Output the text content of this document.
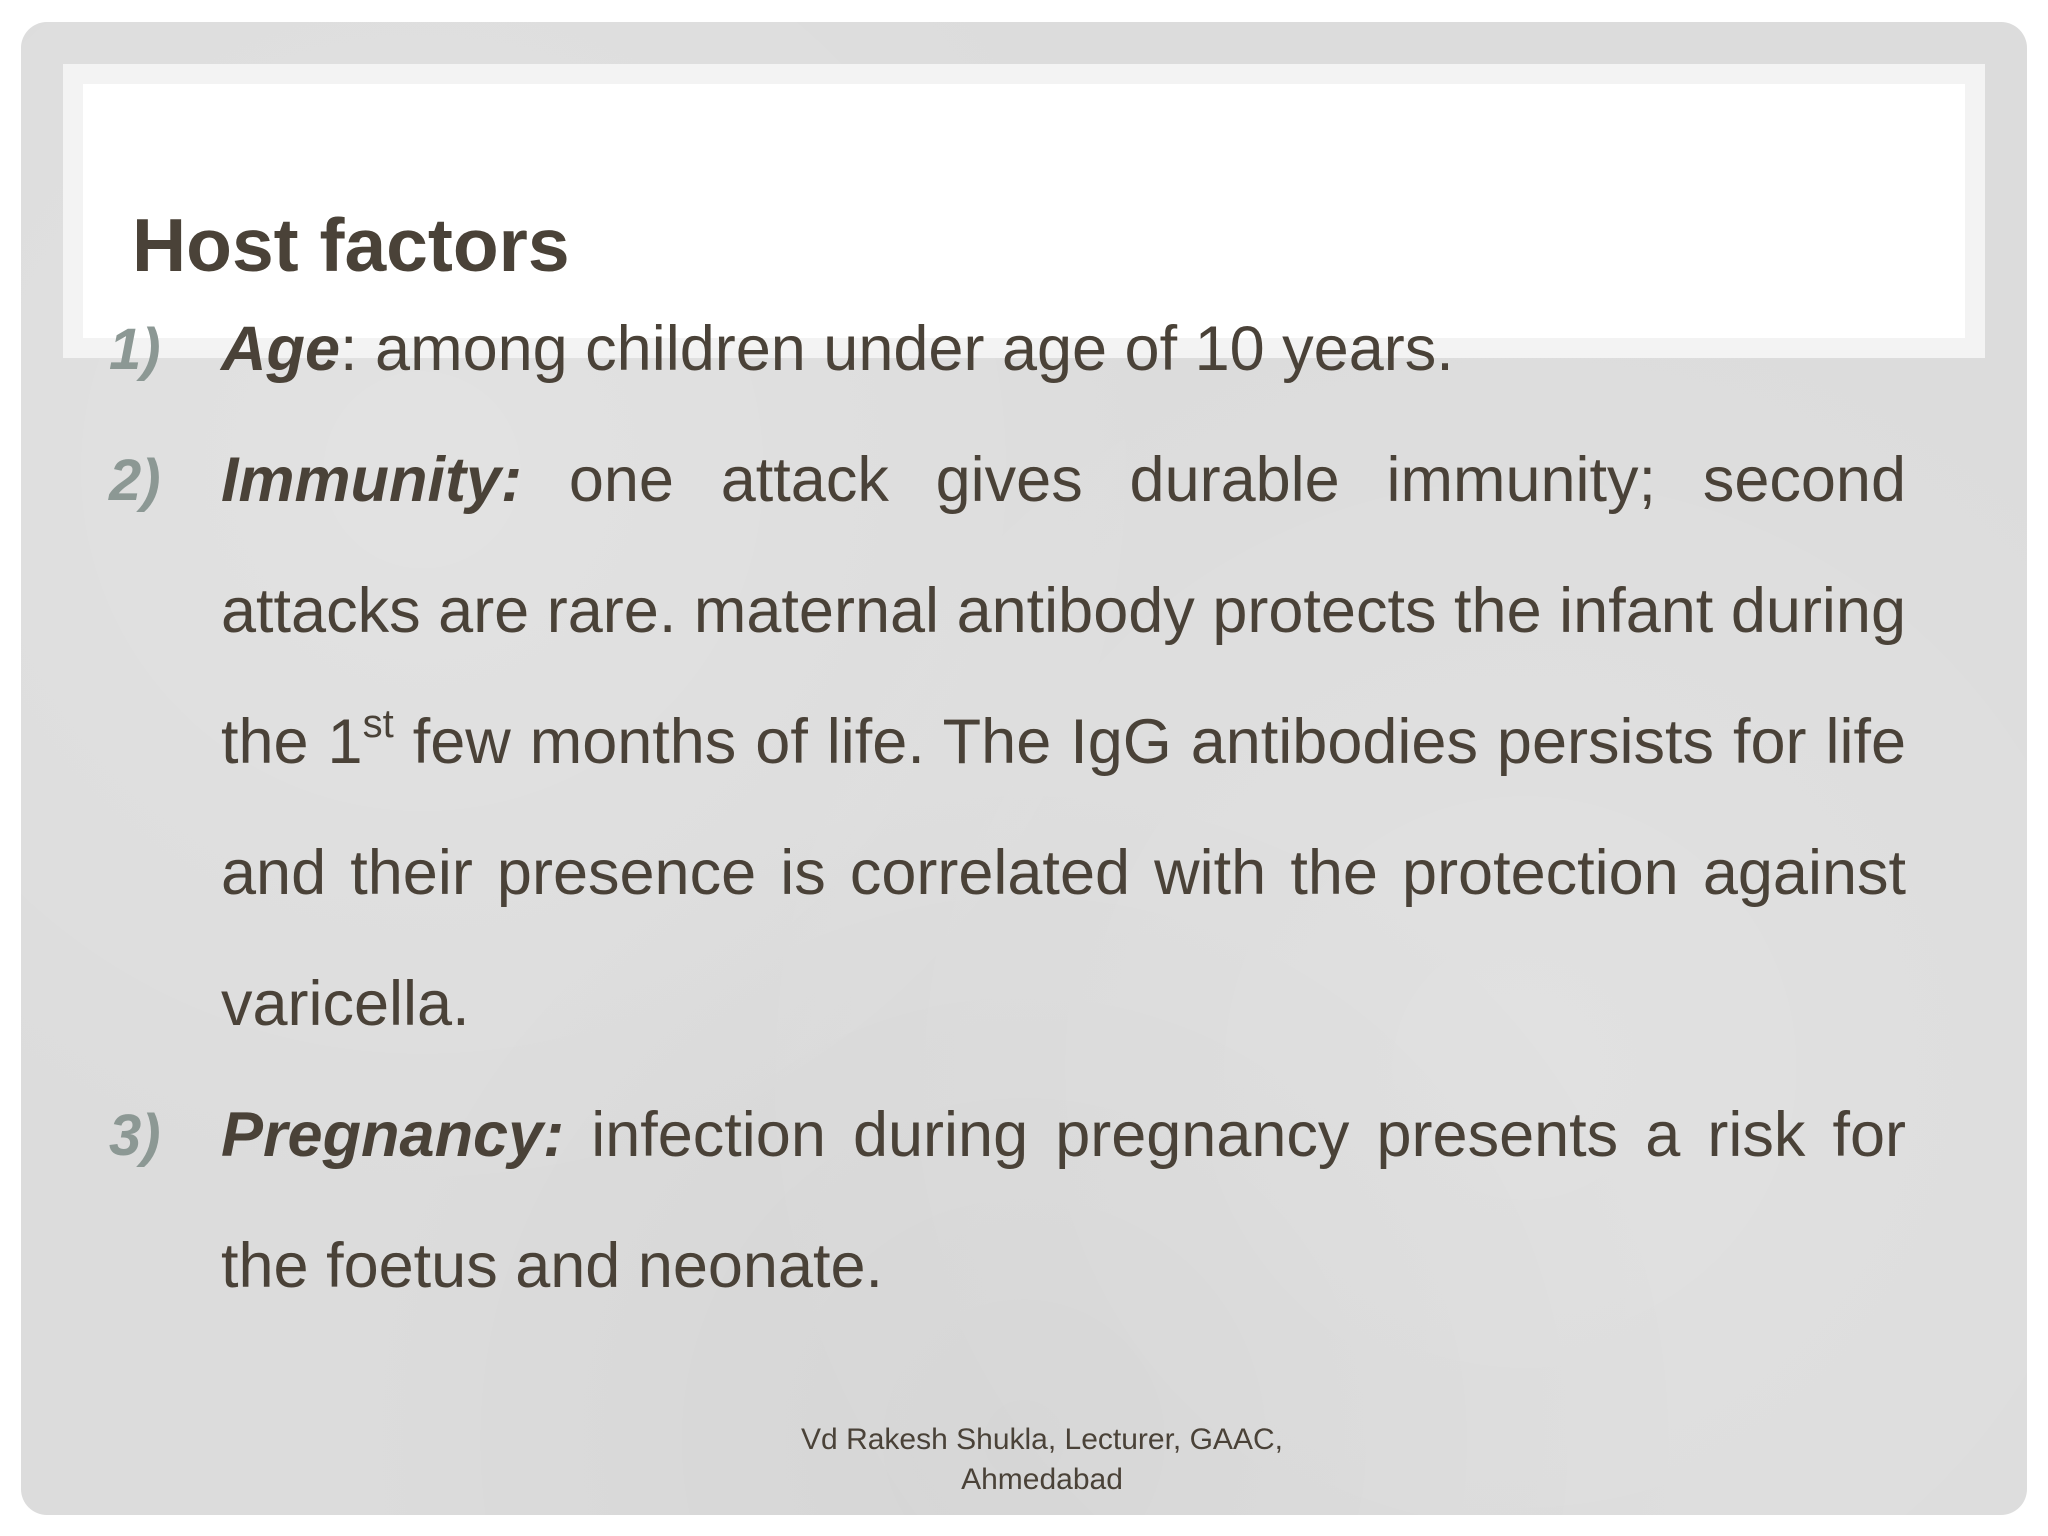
Host factors
1) Age: among children under age of 10 years.

2) Immunity: one attack gives durable immunity; second attacks are rare. maternal antibody protects the infant during the 1st few months of life. The IgG antibodies persists for life and their presence is correlated with the protection against varicella.

3) Pregnancy: infection during pregnancy presents a risk for the foetus and neonate.

Vd Rakesh Shukla, Lecturer, GAAC,
Ahmedabad
